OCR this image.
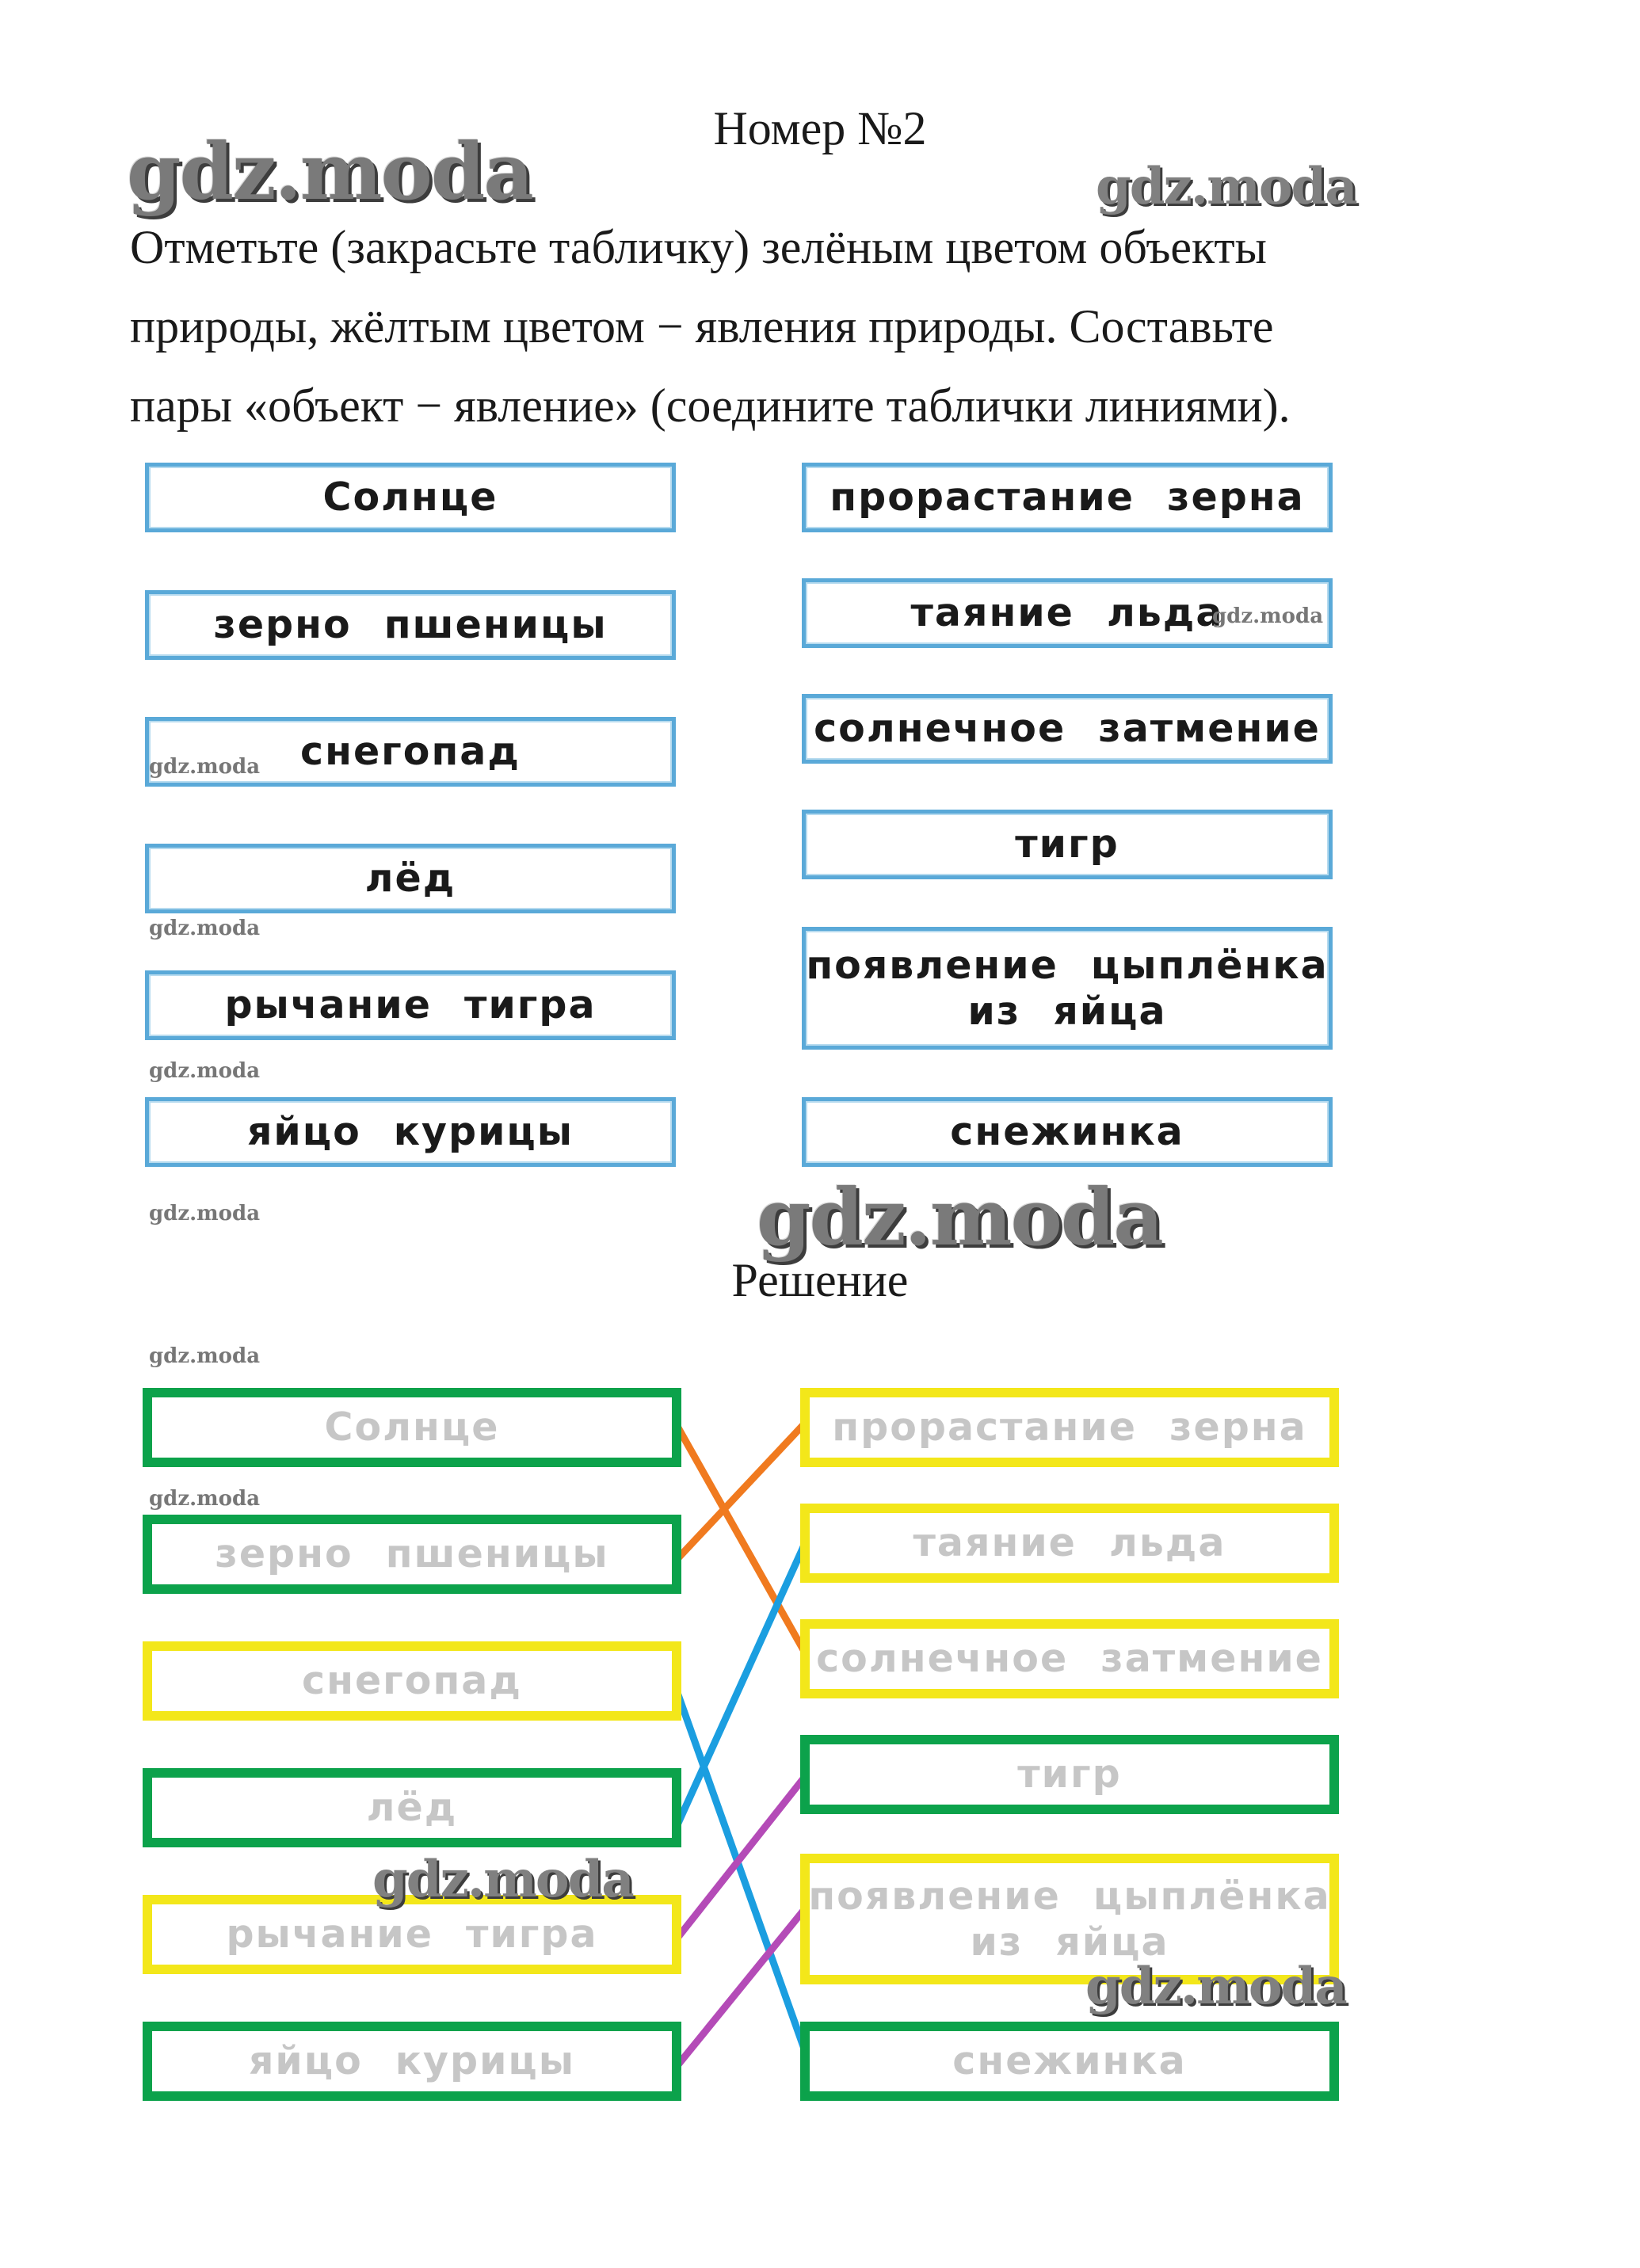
Номер №2
Отметьте (закрасьте табличку) зелёным цветом объекты
природы, жёлтым цветом − явления природы. Составьте
пары «объект − явление» (соедините таблички линиями).
Солнце
зерно пшеницы
снегопад
лёд
рычание тигра
яйцо курицы
прорастание зерна
таяние льда
солнечное затмение
тигр
появление цыплёнка
из яйца
снежинка
Решение
Солнце
зерно пшеницы
снегопад
лёд
рычание тигра
яйцо курицы
прорастание зерна
таяние льда
солнечное затмение
тигр
появление цыплёнка
из яйца
снежинка
gdz.moda	gdz.moda
gdz.moda
gdz.moda
gdz.moda
gdz.moda
gdz.moda	gdz.moda
gdz.moda
gdz.moda
gdz.moda
gdz.moda
